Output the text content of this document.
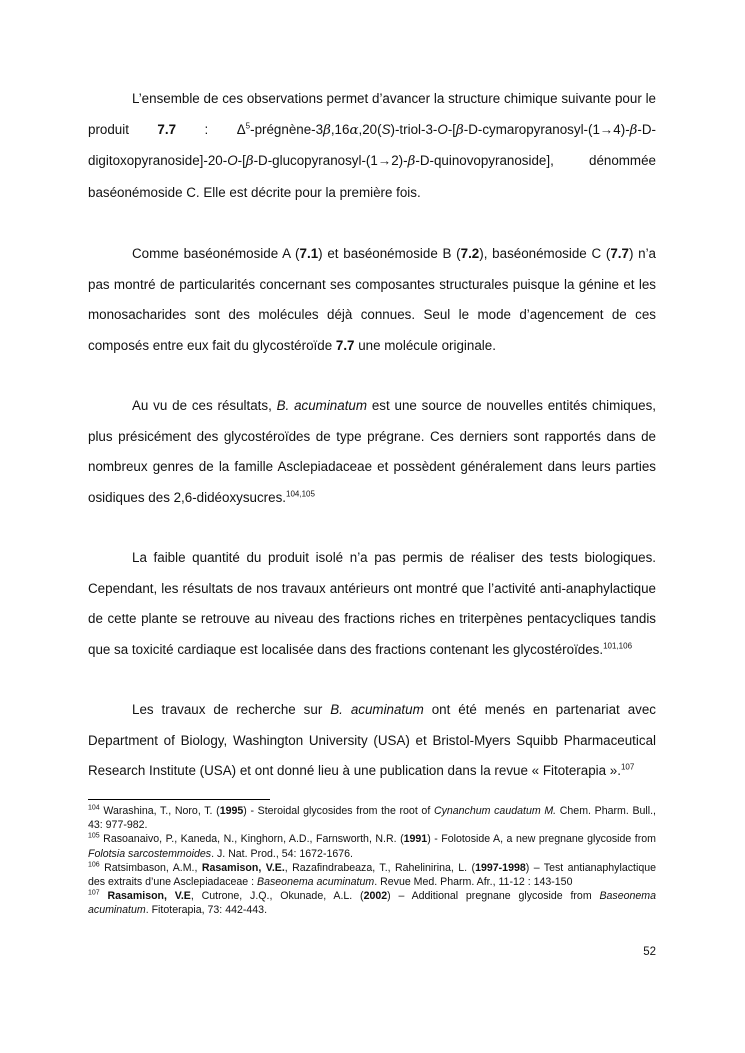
L’ensemble de ces observations permet d’avancer la structure chimique suivante pour le produit 7.7 : $\Delta^5-prégnène-3\beta,16\alpha,20(S)-triol-3-O-[\beta-D-cymaropyranosyl-(1\to 4)-\beta-D-digitoxopyranoside]-20-O-[\beta-D-glucopyranosyl-(1\to 2)-\beta-D$-quinovopyranoside], dénommée baséonémoside C. Elle est décrite pour la première fois.

Comme baséonémoside A (7.1) et baséonémoside B (7.2), baséonémoside C (7.7) n’a pas montré de particularités concernant ses composantes structurales puisque la génine et les monosacharides sont des molécules déjà connues. Seul le mode d’agencement de ces composés entre eux fait du glycostéroïde 7.7 une molécule originale.

Au vu de ces résultats, B. acuminatum est une source de nouvelles entités chimiques, plus présicément des glycostéroïdes de type prégrane. Ces derniers sont rapportés dans de nombreux genres de la famille Asclepiadaceae et possèdent généralement dans leurs parties osidiques des 2,6-didéoxysucres.$^{104,105}$

La faible quantité du produit isolé n’a pas permis de réaliser des tests biologiques. Cependant, les résultats de nos travaux antérieurs ont montré que l’activité anti-anaphylactique de cette plante se retrouve au niveau des fractions riches en triterpènes pentacycliques tandis que sa toxicité cardiaque est localisée dans des fractions contenant les glycostéroïdes.$^{101,106}$

Les travaux de recherche sur B. acuminatum ont été menés en partenariat avec Department of Biology, Washington University (USA) et Bristol-Myers Squibb Pharmaceutical Research Institute (USA) et ont donné lieu à une publication dans la revue « Fitoterapia ».$^{107}$

$^{104}$ Warashina, T., Noro, T. (1995) - Steroidal glycosides from the root of Cynanchum caudatum M. Chem. Pharm. Bull., 43: 977-982.

$^{105}$ Rasoanaivo, P., Kaneda, N., Kinghorn, A.D., Farnsworth, N.R. (1991) - Folotoside A, a new pregnane glycoside from Folotsia sarcostemmoides. J. Nat. Prod., 54: 1672-1676.

$^{106}$ Ratsimbason, A.M., Rasamison, V.E., Razafindrabeaza, T., Rahelinirina, L. (1997-1998) – Test antianaphylactique des extraits d’une Asclepiadaceae : Baseonema acuminatum. Revue Med. Pharm. Afr., 11-12 : 143-150

$^{107}$ Rasamison, V.E, Cutrone, J.Q., Okunade, A.L. (2002) – Additional pregnane glycoside from Baseonema acuminatum. Fitoterapia, 73: 442-443.

52
